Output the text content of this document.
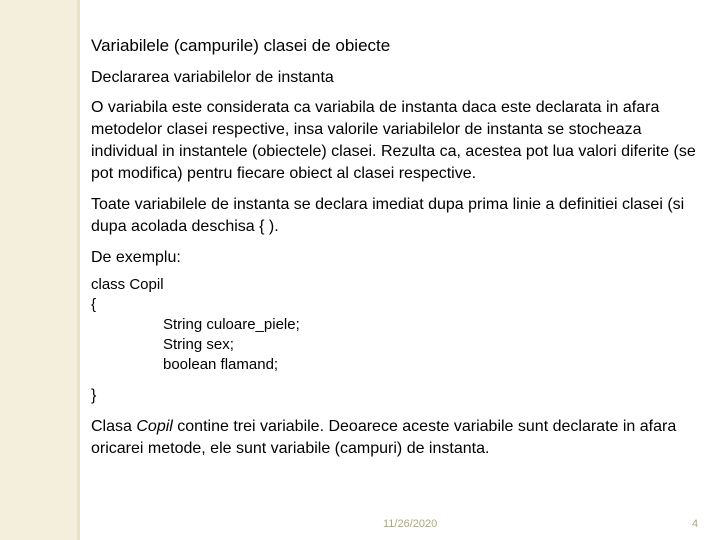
Variabilele (campurile) clasei de obiecte
Declararea variabilelor de instanta
O variabila este considerata ca variabila de instanta daca este declarata in afara metodelor clasei respective, insa valorile variabilelor de instanta se stocheaza individual in instantele (obiectele) clasei. Rezulta ca, acestea pot lua valori diferite (se pot modifica) pentru fiecare obiect al clasei respective.
Toate variabilele de instanta se declara imediat dupa prima linie a definitiei clasei (si dupa acolada deschisa { ).
De exemplu:
class Copil
{
String culoare_piele;
String sex;
boolean flamand;
}
Clasa Copil contine trei variabile. Deoarece aceste variabile sunt declarate in afara oricarei metode, ele sunt variabile (campuri) de instanta.
11/26/2020	4
